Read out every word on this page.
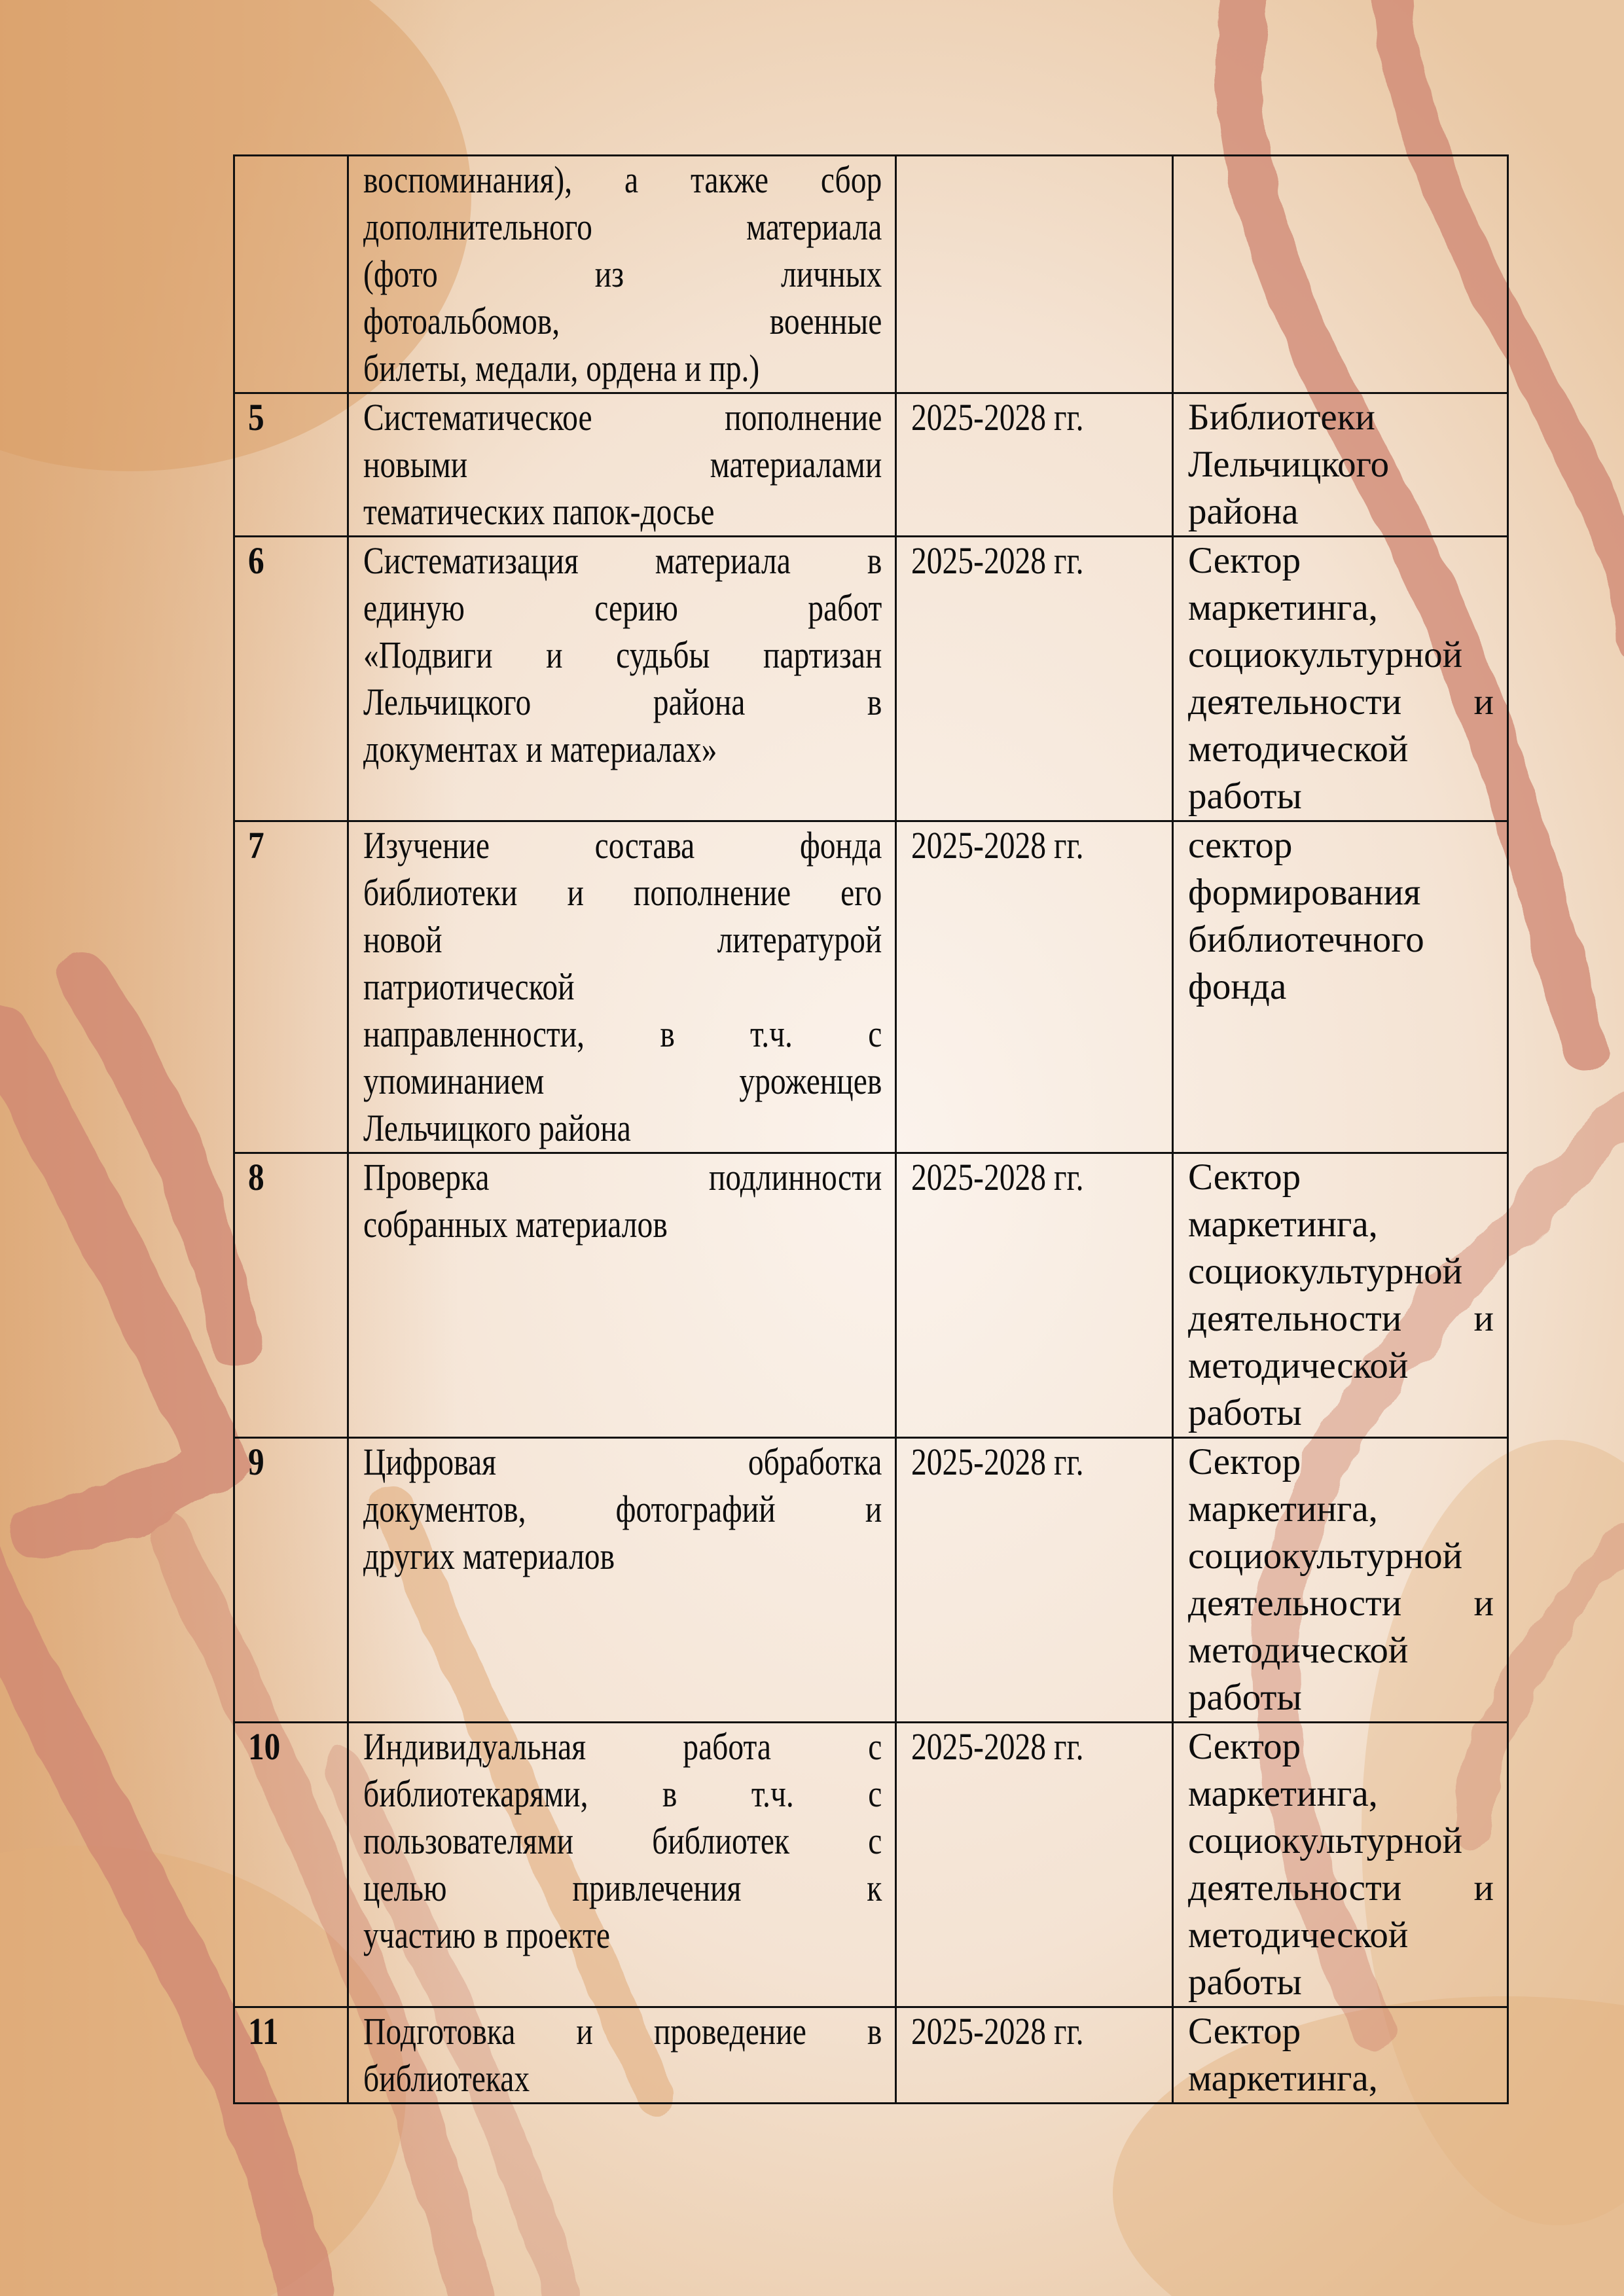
	воспоминания), а также сбор
дополнительного материала
(фото из личных
фотоальбомов, военные
билеты, медали, ордена и пр.)		

5	Систематическое пополнение
новыми материалами
тематических папок-досье	2025-2028 гг.	Библиотеки
Лельчицкого
района

6	Систематизация материала в
единую серию работ
«Подвиги и судьбы партизан
Лельчицкого района в
документах и материалах»
	2025-2028 гг.	Сектор
маркетинга,
социокультурной
деятельности и
методической
работы

7	Изучение состава фонда
библиотеки и пополнение его
новой литературой
патриотической
направленности, в т.ч. с
упоминанием уроженцев
Лельчицкого района
	2025-2028 гг.	сектор
формирования
библиотечного
фонда

8	Проверка подлинности
собранных материалов
	2025-2028 гг.	Сектор
маркетинга,
социокультурной
деятельности и
методической
работы

9	Цифровая обработка
документов, фотографий и
других материалов
	2025-2028 гг.	Сектор
маркетинга,
социокультурной
деятельности и
методической
работы

10	Индивидуальная работа с
библиотекарями, в т.ч. с
пользователями библиотек с
целью привлечения к
участию в проекте
	2025-2028 гг.	Сектор
маркетинга,
социокультурной
деятельности и
методической
работы

11	Подготовка и проведение в
библиотеках	2025-2028 гг.	Сектор
маркетинга,
